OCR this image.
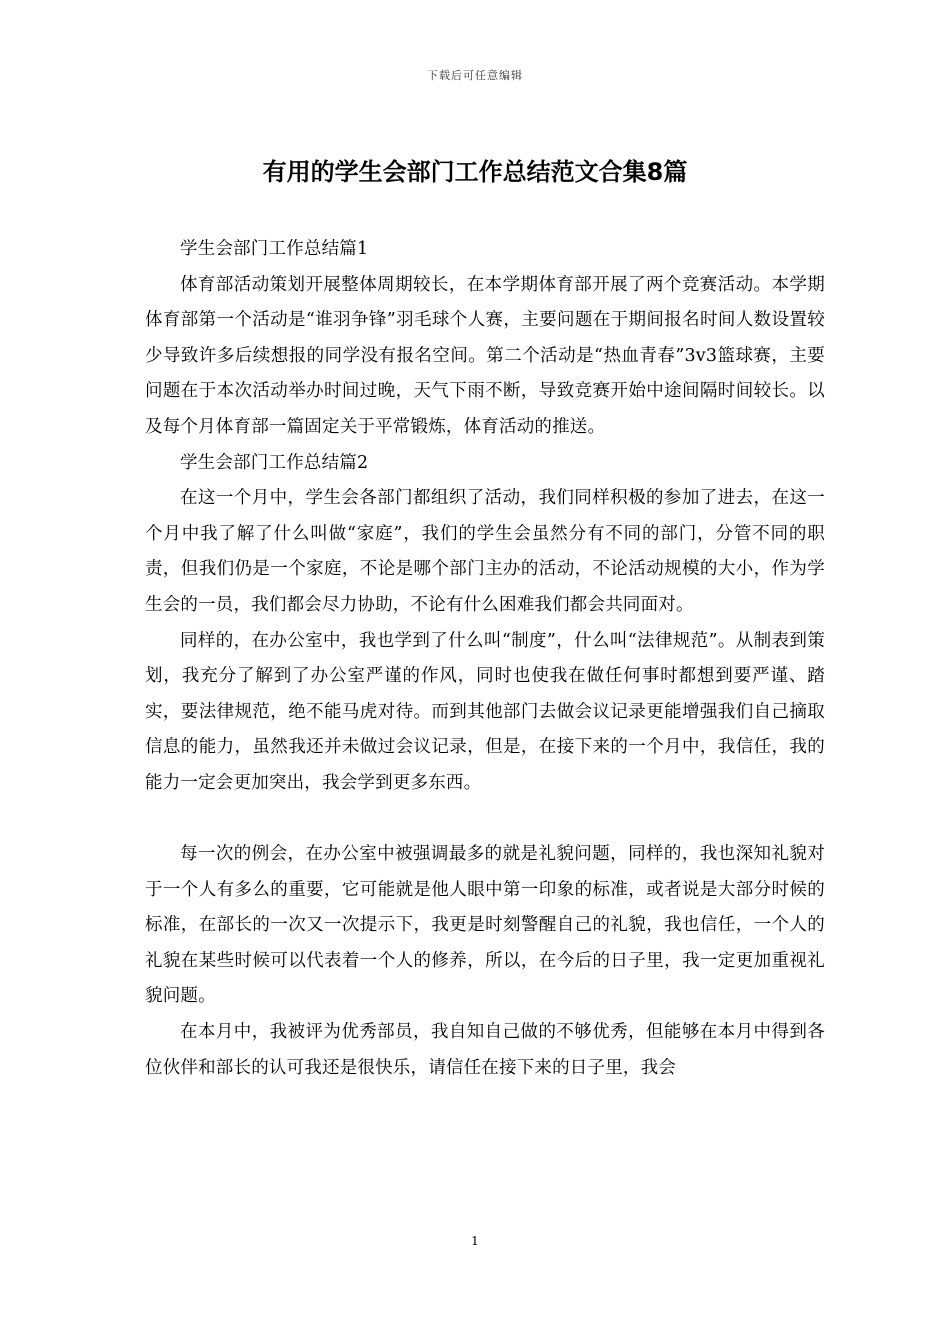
下载后可任意编辑
有用的学生会部门工作总结范文合集8篇

学生会部门工作总结篇1

体育部活动策划开展整体周期较长，在本学期体育部开展了两个竞赛活动。本学期体育部第一个活动是“谁羽争锋”羽毛球个人赛，主要问题在于期间报名时间人数设置较少导致许多后续想报的同学没有报名空间。第二个活动是“热血青春”3v3篮球赛，主要问题在于本次活动举办时间过晚，天气下雨不断，导致竞赛开始中途间隔时间较长。以及每个月体育部一篇固定关于平常锻炼，体育活动的推送。

学生会部门工作总结篇2

在这一个月中，学生会各部门都组织了活动，我们同样积极的参加了进去，在这一个月中我了解了什么叫做“家庭”，我们的学生会虽然分有不同的部门，分管不同的职责，但我们仍是一个家庭，不论是哪个部门主办的活动，不论活动规模的大小，作为学生会的一员，我们都会尽力协助，不论有什么困难我们都会共同面对。

同样的，在办公室中，我也学到了什么叫“制度”，什么叫“法律规范”。从制表到策划，我充分了解到了办公室严谨的作风，同时也使我在做任何事时都想到要严谨、踏实，要法律规范，绝不能马虎对待。而到其他部门去做会议记录更能增强我们自己摘取信息的能力，虽然我还并未做过会议记录，但是，在接下来的一个月中，我信任，我的能力一定会更加突出，我会学到更多东西。

每一次的例会，在办公室中被强调最多的就是礼貌问题，同样的，我也深知礼貌对于一个人有多么的重要，它可能就是他人眼中第一印象的标准，或者说是大部分时候的标准，在部长的一次又一次提示下，我更是时刻警醒自己的礼貌，我也信任，一个人的礼貌在某些时候可以代表着一个人的修养，所以，在今后的日子里，我一定更加重视礼貌问题。

在本月中，我被评为优秀部员，我自知自己做的不够优秀，但能够在本月中得到各位伙伴和部长的认可我还是很快乐，请信任在接下来的日子里，我会

1
